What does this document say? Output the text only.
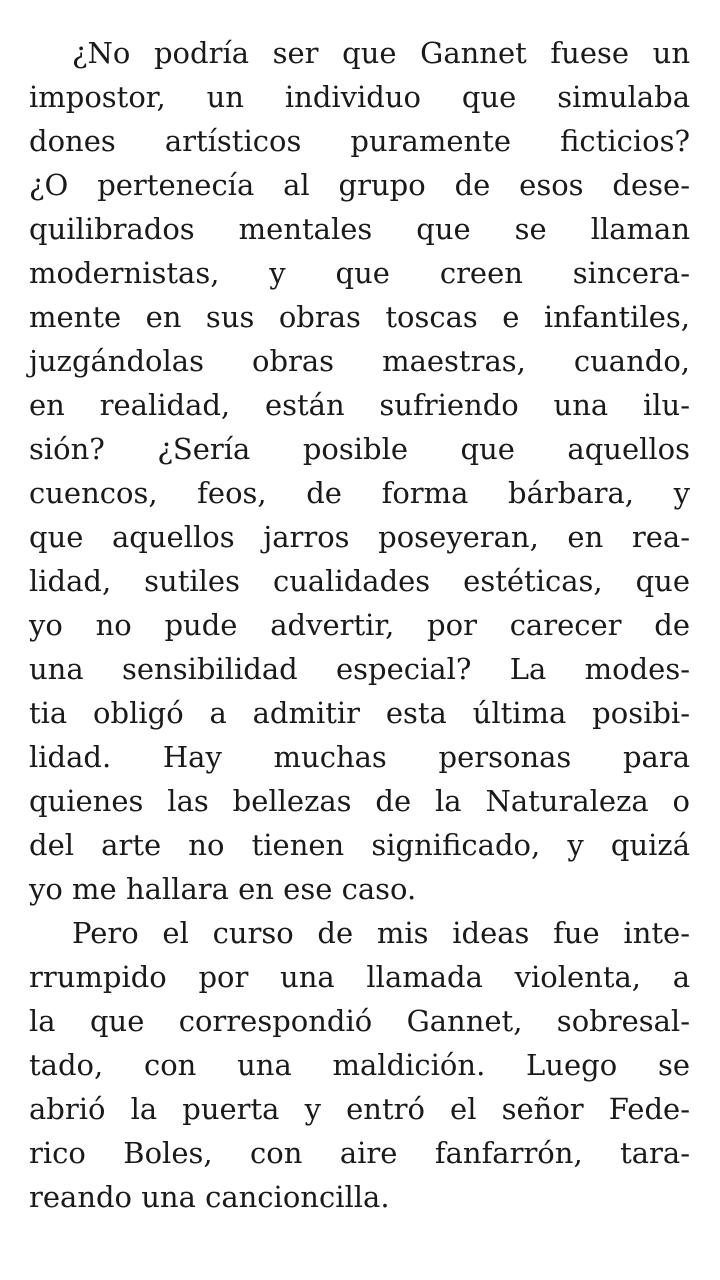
¿No podría ser que Gannet fuese un
impostor, un individuo que simulaba
dones artísticos puramente ficticios?
¿O pertenecía al grupo de esos dese-
quilibrados mentales que se llaman
modernistas, y que creen sincera-
mente en sus obras toscas e infantiles,
juzgándolas obras maestras, cuando,
en realidad, están sufriendo una ilu-
sión? ¿Sería posible que aquellos
cuencos, feos, de forma bárbara, y
que aquellos jarros poseyeran, en rea-
lidad, sutiles cualidades estéticas, que
yo no pude advertir, por carecer de
una sensibilidad especial? La modes-
tia obligó a admitir esta última posibi-
lidad. Hay muchas personas para
quienes las bellezas de la Naturaleza o
del arte no tienen significado, y quizá
yo me hallara en ese caso.
Pero el curso de mis ideas fue inte-
rrumpido por una llamada violenta, a
la que correspondió Gannet, sobresal-
tado, con una maldición. Luego se
abrió la puerta y entró el señor Fede-
rico Boles, con aire fanfarrón, tara-
reando una cancioncilla.
